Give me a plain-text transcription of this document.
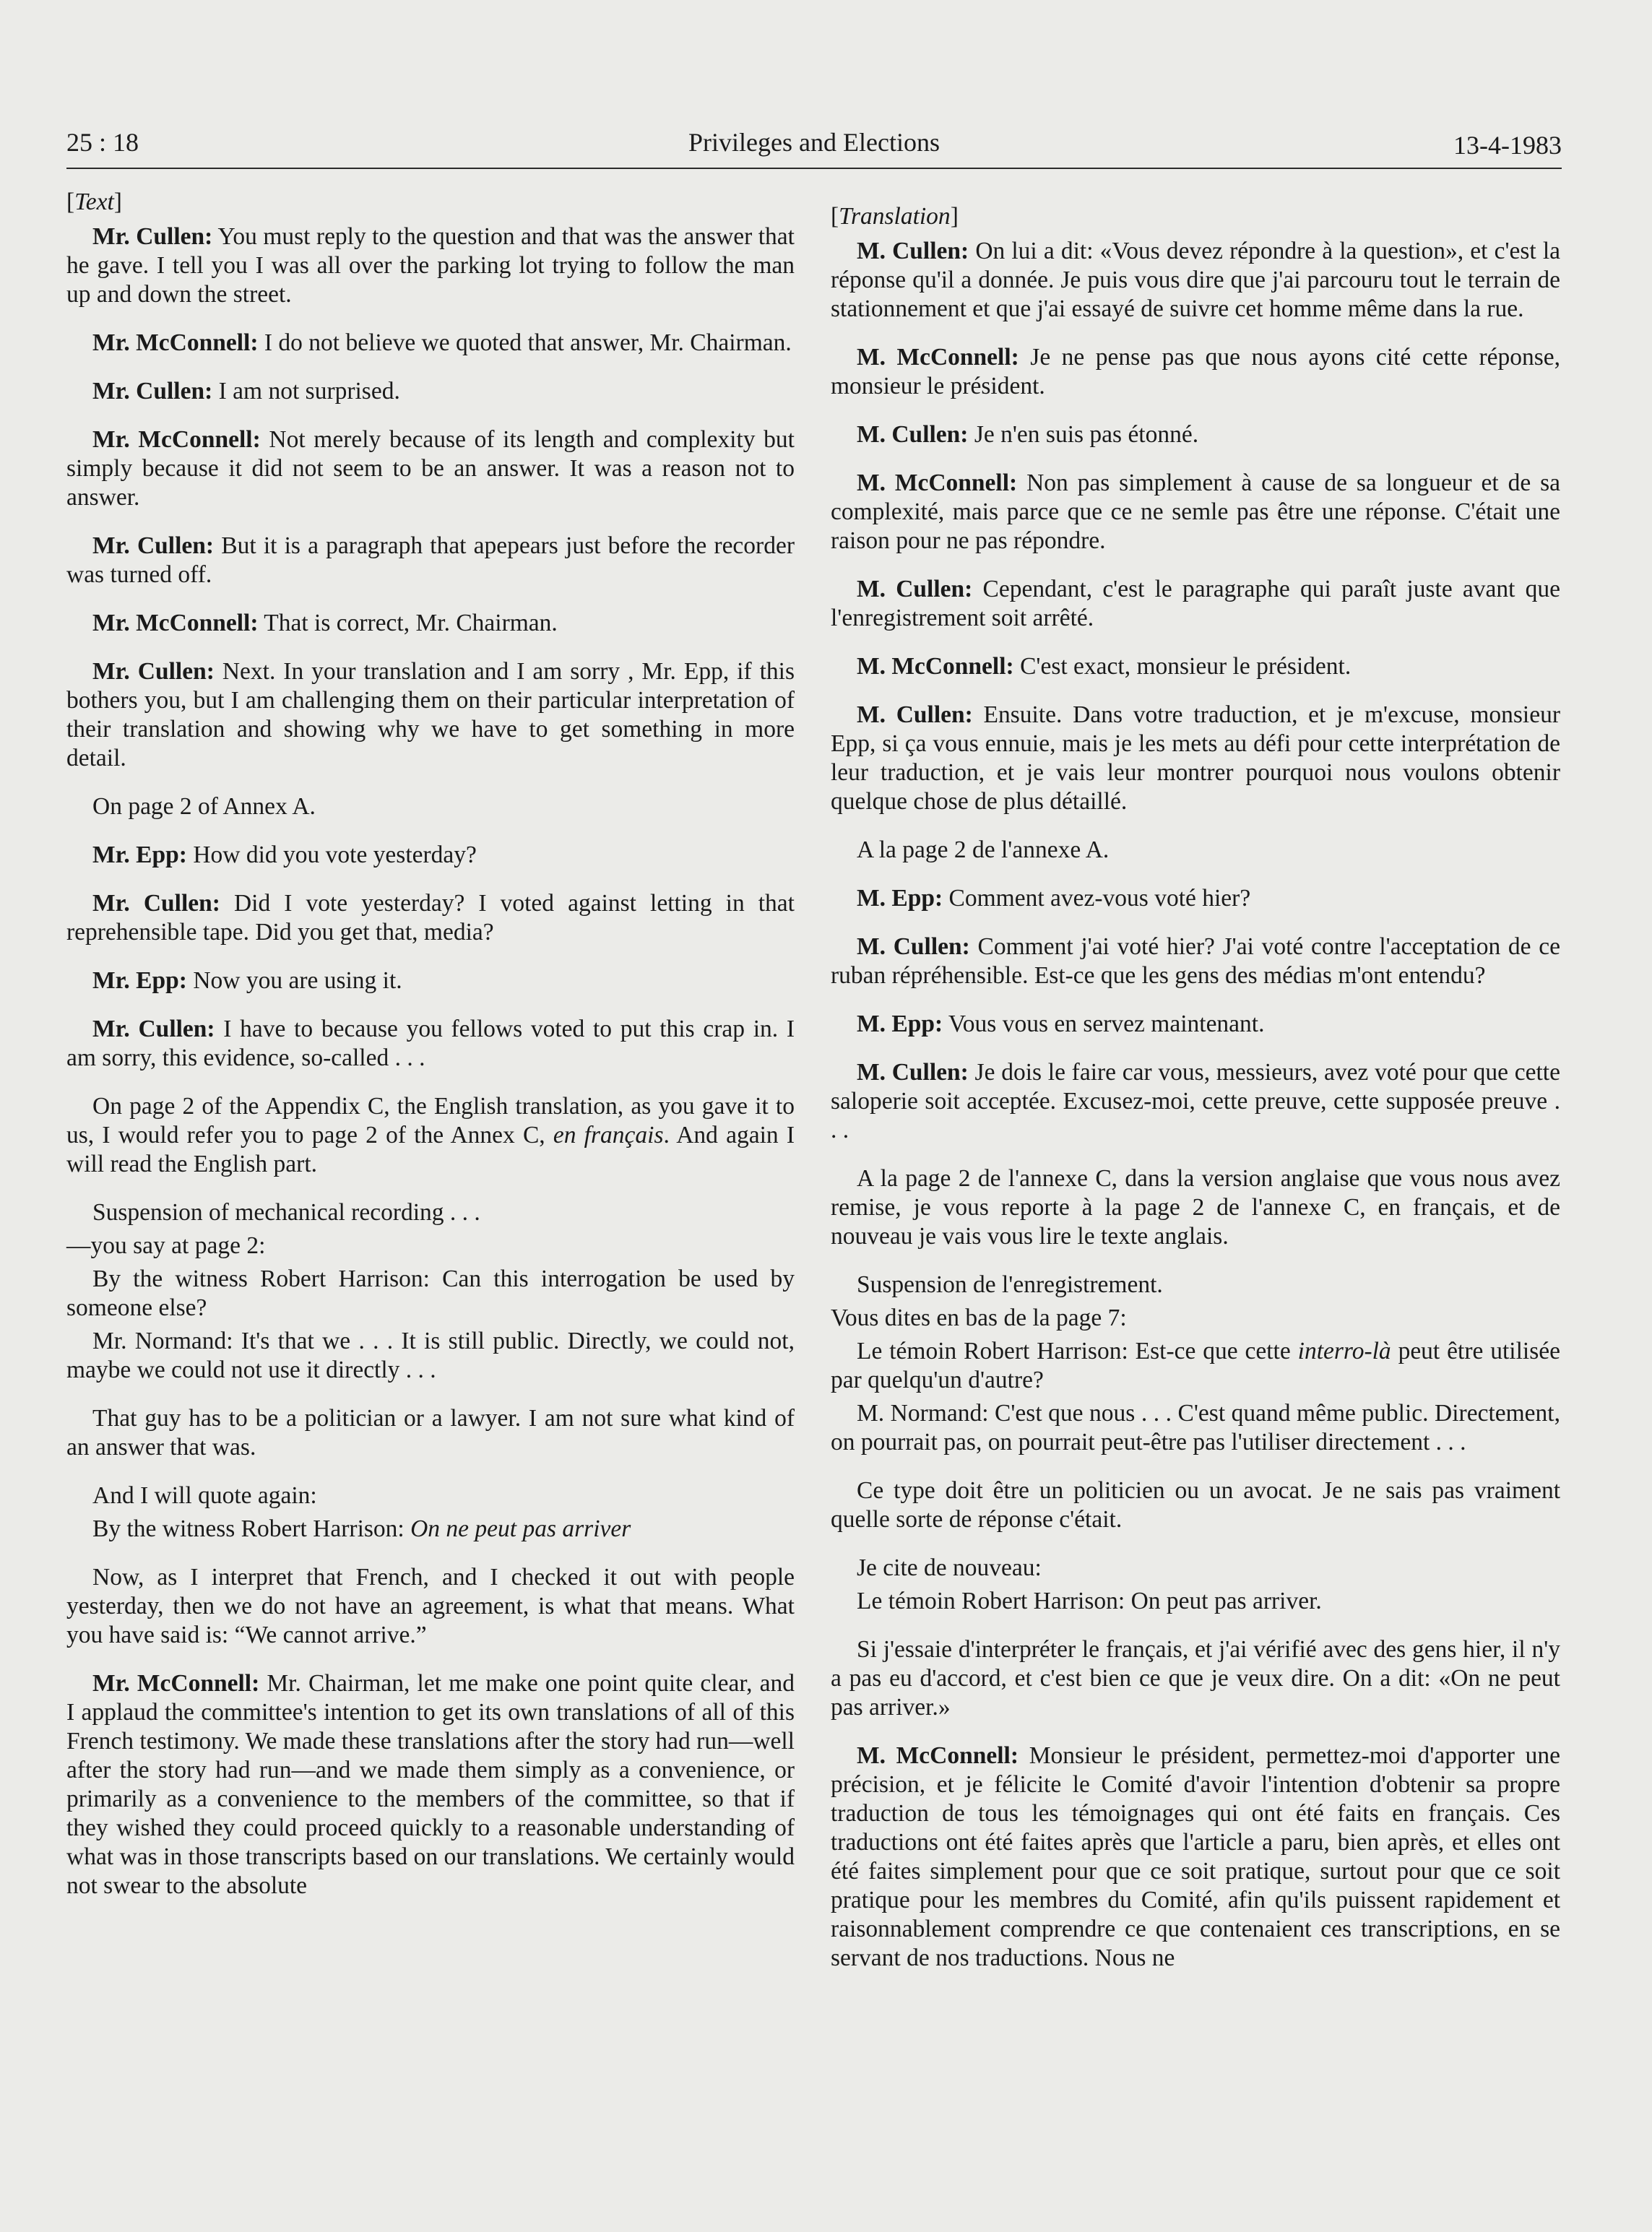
25 : 18	Privileges and Elections	13-4-1983

[Text]

Mr. Cullen: You must reply to the question and that was the answer that he gave. I tell you I was all over the parking lot trying to follow the man up and down the street.

Mr. McConnell: I do not believe we quoted that answer, Mr. Chairman.

Mr. Cullen: I am not surprised.

Mr. McConnell: Not merely because of its length and complexity but simply because it did not seem to be an answer. It was a reason not to answer.

Mr. Cullen: But it is a paragraph that apepears just before the recorder was turned off.

Mr. McConnell: That is correct, Mr. Chairman.

Mr. Cullen: Next. In your translation and I am sorry , Mr. Epp, if this bothers you, but I am challenging them on their particular interpretation of their translation and showing why we have to get something in more detail.

On page 2 of Annex A.

Mr. Epp: How did you vote yesterday?

Mr. Cullen: Did I vote yesterday? I voted against letting in that reprehensible tape. Did you get that, media?

Mr. Epp: Now you are using it.

Mr. Cullen: I have to because you fellows voted to put this crap in. I am sorry, this evidence, so-called . . .

On page 2 of the Appendix C, the English translation, as you gave it to us, I would refer you to page 2 of the Annex C, en français. And again I will read the English part.

Suspension of mechanical recording . . .

—you say at page 2:

By the witness Robert Harrison: Can this interrogation be used by someone else?

Mr. Normand: It's that we . . . It is still public. Directly, we could not, maybe we could not use it directly . . .

That guy has to be a politician or a lawyer. I am not sure what kind of an answer that was.

And I will quote again:

By the witness Robert Harrison: On ne peut pas arriver

Now, as I interpret that French, and I checked it out with people yesterday, then we do not have an agreement, is what that means. What you have said is: “We cannot arrive.”

Mr. McConnell: Mr. Chairman, let me make one point quite clear, and I applaud the committee's intention to get its own translations of all of this French testimony. We made these translations after the story had run—well after the story had run—and we made them simply as a convenience, or primarily as a convenience to the members of the committee, so that if they wished they could proceed quickly to a reasonable understanding of what was in those transcripts based on our translations. We certainly would not swear to the absolute

[Translation]

M. Cullen: On lui a dit: «Vous devez répondre à la question», et c'est la réponse qu'il a donnée. Je puis vous dire que j'ai parcouru tout le terrain de stationnement et que j'ai essayé de suivre cet homme même dans la rue.

M. McConnell: Je ne pense pas que nous ayons cité cette réponse, monsieur le président.

M. Cullen: Je n'en suis pas étonné.

M. McConnell: Non pas simplement à cause de sa longueur et de sa complexité, mais parce que ce ne semle pas être une réponse. C'était une raison pour ne pas répondre.

M. Cullen: Cependant, c'est le paragraphe qui paraît juste avant que l'enregistrement soit arrêté.

M. McConnell: C'est exact, monsieur le président.

M. Cullen: Ensuite. Dans votre traduction, et je m'excuse, monsieur Epp, si ça vous ennuie, mais je les mets au défi pour cette interprétation de leur traduction, et je vais leur montrer pourquoi nous voulons obtenir quelque chose de plus détaillé.

A la page 2 de l'annexe A.

M. Epp: Comment avez-vous voté hier?

M. Cullen: Comment j'ai voté hier? J'ai voté contre l'acceptation de ce ruban répréhensible. Est-ce que les gens des médias m'ont entendu?

M. Epp: Vous vous en servez maintenant.

M. Cullen: Je dois le faire car vous, messieurs, avez voté pour que cette saloperie soit acceptée. Excusez-moi, cette preuve, cette supposée preuve . . .

A la page 2 de l'annexe C, dans la version anglaise que vous nous avez remise, je vous reporte à la page 2 de l'annexe C, en français, et de nouveau je vais vous lire le texte anglais.

Suspension de l'enregistrement.

Vous dites en bas de la page 7:

Le témoin Robert Harrison: Est-ce que cette interro-là peut être utilisée par quelqu'un d'autre?

M. Normand: C'est que nous . . . C'est quand même public. Directement, on pourrait pas, on pourrait peut-être pas l'utiliser directement . . .

Ce type doit être un politicien ou un avocat. Je ne sais pas vraiment quelle sorte de réponse c'était.

Je cite de nouveau:

Le témoin Robert Harrison: On peut pas arriver.

Si j'essaie d'interpréter le français, et j'ai vérifié avec des gens hier, il n'y a pas eu d'accord, et c'est bien ce que je veux dire. On a dit: «On ne peut pas arriver.»

M. McConnell: Monsieur le président, permettez-moi d'apporter une précision, et je félicite le Comité d'avoir l'intention d'obtenir sa propre traduction de tous les témoignages qui ont été faits en français. Ces traductions ont été faites après que l'article a paru, bien après, et elles ont été faites simplement pour que ce soit pratique, surtout pour que ce soit pratique pour les membres du Comité, afin qu'ils puissent rapidement et raisonnablement comprendre ce que contenaient ces transcriptions, en se servant de nos traductions. Nous ne
